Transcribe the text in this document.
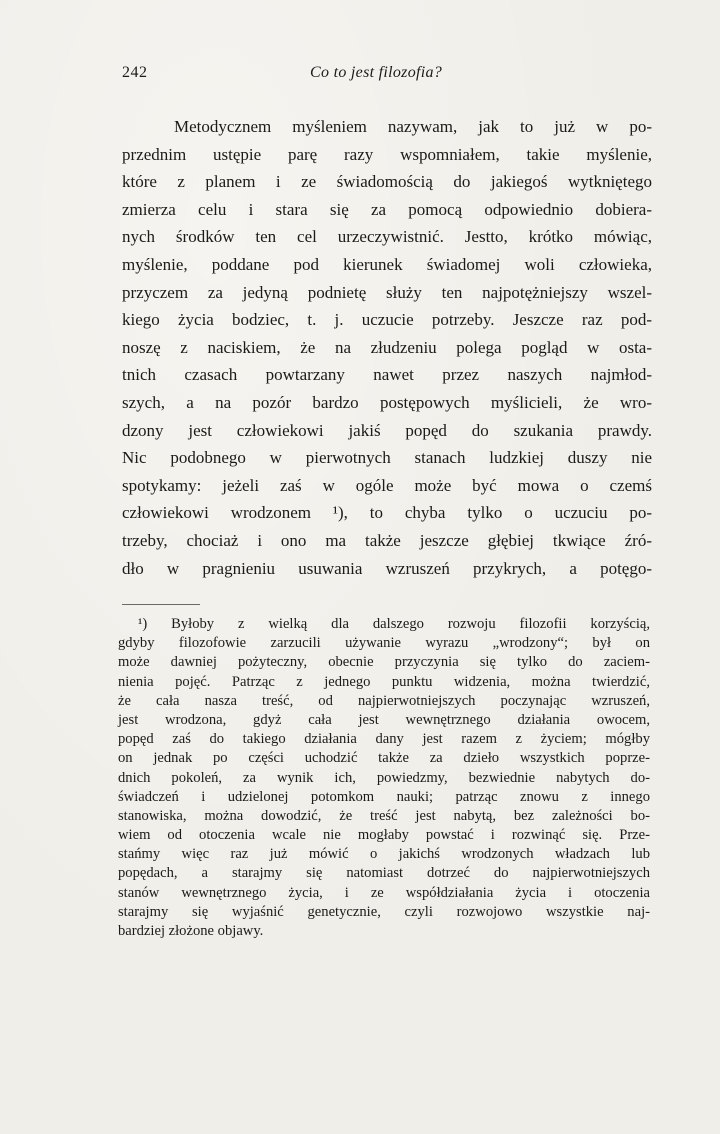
242	Co to jest filozofia?
Metodycznem myśleniem nazywam, jak to już w po-
przednim ustępie parę razy wspomniałem, takie myślenie,
które z planem i ze świadomością do jakiegoś wytkniętego
zmierza celu i stara się za pomocą odpowiednio dobiera-
nych środków ten cel urzeczywistnić. Jestto, krótko mówiąc,
myślenie, poddane pod kierunek świadomej woli człowieka,
przyczem za jedyną podnietę służy ten najpotężniejszy wszel-
kiego życia bodziec, t. j. uczucie potrzeby. Jeszcze raz pod-
noszę z naciskiem, że na złudzeniu polega pogląd w osta-
tnich czasach powtarzany nawet przez naszych najmłod-
szych, a na pozór bardzo postępowych myślicieli, że wro-
dzony jest człowiekowi jakiś popęd do szukania prawdy.
Nic podobnego w pierwotnych stanach ludzkiej duszy nie
spotykamy: jeżeli zaś w ogóle może być mowa o czemś
człowiekowi wrodzonem ¹), to chyba tylko o uczuciu po-
trzeby, chociaż i ono ma także jeszcze głębiej tkwiące źró-
dło w pragnieniu usuwania wzruszeń przykrych, a potęgo-
¹) Byłoby z wielką dla dalszego rozwoju filozofii korzyścią,
gdyby filozofowie zarzucili używanie wyrazu „wrodzony“; był on
może dawniej pożyteczny, obecnie przyczynia się tylko do zaciem-
nienia pojęć. Patrząc z jednego punktu widzenia, można twierdzić,
że cała nasza treść, od najpierwotniejszych poczynając wzruszeń,
jest wrodzona, gdyż cała jest wewnętrznego działania owocem,
popęd zaś do takiego działania dany jest razem z życiem; mógłby
on jednak po części uchodzić także za dzieło wszystkich poprze-
dnich pokoleń, za wynik ich, powiedzmy, bezwiednie nabytych do-
świadczeń i udzielonej potomkom nauki; patrząc znowu z innego
stanowiska, można dowodzić, że treść jest nabytą, bez zależności bo-
wiem od otoczenia wcale nie mogłaby powstać i rozwinąć się. Prze-
stańmy więc raz już mówić o jakichś wrodzonych władzach lub
popędach, a starajmy się natomiast dotrzeć do najpierwotniejszych
stanów wewnętrznego życia, i ze współdziałania życia i otoczenia
starajmy się wyjaśnić genetycznie, czyli rozwojowo wszystkie naj-
bardziej złożone objawy.
